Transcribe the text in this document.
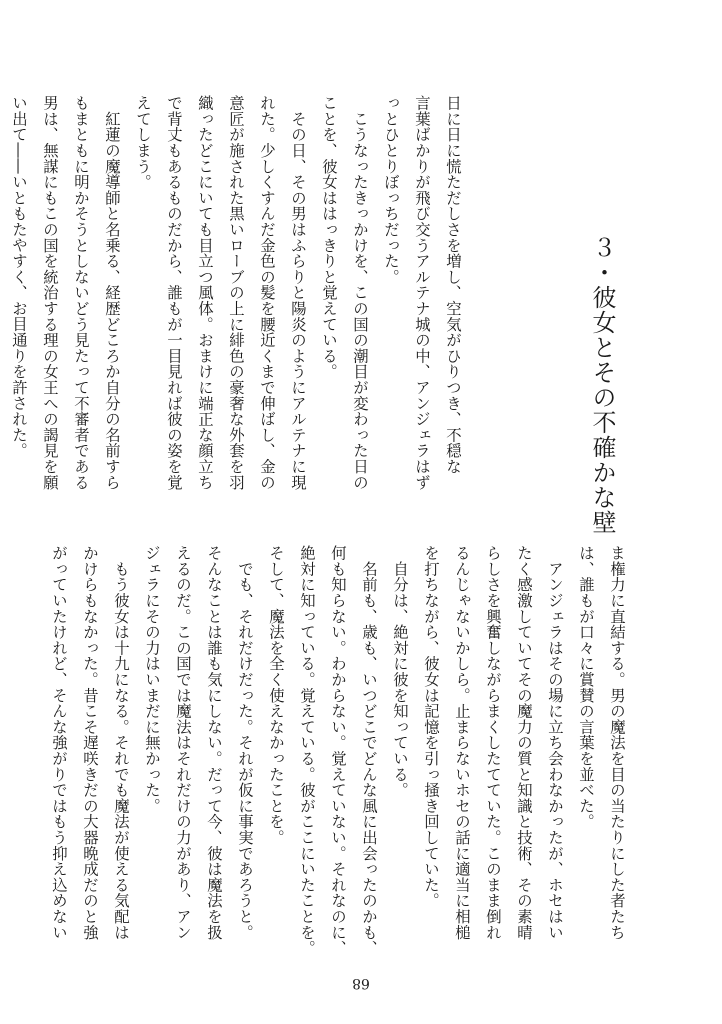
３・彼女とその不確かな壁

日に日に慌ただしさを増し、空気がひりつき、不穏な

言葉ばかりが飛び交うアルテナ城の中、アンジェラはず

っとひとりぼっちだった。

　こうなったきっかけを、この国の潮目が変わった日の

ことを、彼女ははっきりと覚えている。

　その日、その男はふらりと陽炎のようにアルテナに現

れた。少しくすんだ金色の髪を腰近くまで伸ばし、金の

意匠が施された黒いローブの上に緋色の豪奢な外套を羽

織ったどこにいても目立つ風体。おまけに端正な顔立ち

で背丈もあるものだから、誰もが一目見れば彼の姿を覚

えてしまう。

　紅蓮の魔導師と名乗る、経歴どころか自分の名前すら

もまともに明かそうとしないどう見たって不審者である

男は、無謀にもこの国を統治する理の女王への謁見を願

い出て――いともたやすく、お目通りを許された。

ま権力に直結する。男の魔法を目の当たりにした者たち

は、誰もが口々に賞賛の言葉を並べた。

　アンジェラはその場に立ち会わなかったが、ホセはい

たく感激していてその魔力の質と知識と技術、その素晴

らしさを興奮しながらまくしたてていた。このまま倒れ

るんじゃないかしら。止まらないホセの話に適当に相槌

を打ちながら、彼女は記憶を引っ掻き回していた。

　自分は、絶対に彼を知っている。

　名前も、歳も、いつどこでどんな風に出会ったのかも、

何も知らない。わからない。覚えていない。それなのに、

絶対に知っている。覚えている。彼がここにいたことを。

そして、魔法を全く使えなかったことを。

　でも、それだけだった。それが仮に事実であろうと。

そんなことは誰も気にしない。だって今、彼は魔法を扱

えるのだ。この国では魔法はそれだけの力があり、アン

ジェラにその力はいまだに無かった。

　もう彼女は十九になる。それでも魔法が使える気配は

かけらもなかった。昔こそ遅咲きだの大器晩成だのと強

がっていたけれど、そんな強がりではもう抑え込めない

68
